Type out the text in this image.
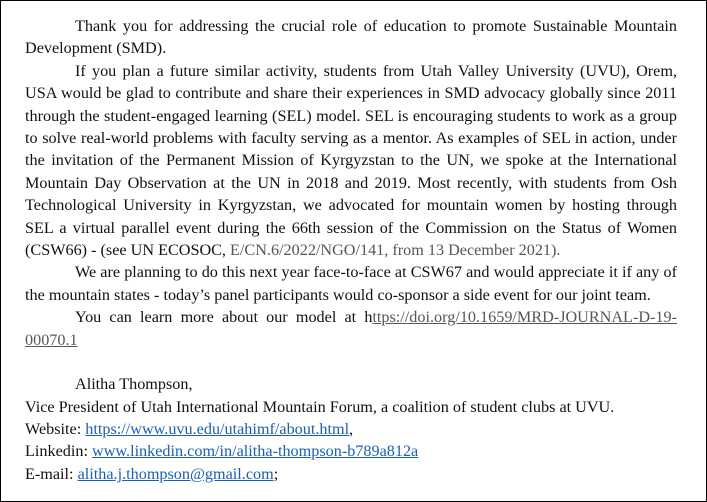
Thank you for addressing the crucial role of education to promote Sustainable Mountain Development (SMD).

If you plan a future similar activity, students from Utah Valley University (UVU), Orem, USA would be glad to contribute and share their experiences in SMD advocacy globally since 2011 through the student-engaged learning (SEL) model. SEL is encouraging students to work as a group to solve real-world problems with faculty serving as a mentor. As examples of SEL in action, under the invitation of the Permanent Mission of Kyrgyzstan to the UN, we spoke at the International Mountain Day Observation at the UN in 2018 and 2019. Most recently, with students from Osh Technological University in Kyrgyzstan, we advocated for mountain women by hosting through SEL a virtual parallel event during the 66th session of the Commission on the Status of Women (CSW66) - (see UN ECOSOC, E/CN.6/2022/NGO/141, from 13 December 2021).

We are planning to do this next year face-to-face at CSW67 and would appreciate it if any of the mountain states - today’s panel participants would co-sponsor a side event for our joint team.

You can learn more about our model at https://doi.org/10.1659/MRD-JOURNAL-D-19-00070.1

Alitha Thompson,

Vice President of Utah International Mountain Forum, a coalition of student clubs at UVU.

Website: https://www.uvu.edu/utahimf/about.html,

Linkedin: www.linkedin.com/in/alitha-thompson-b789a812a

E-mail: alitha.j.thompson@gmail.com;
